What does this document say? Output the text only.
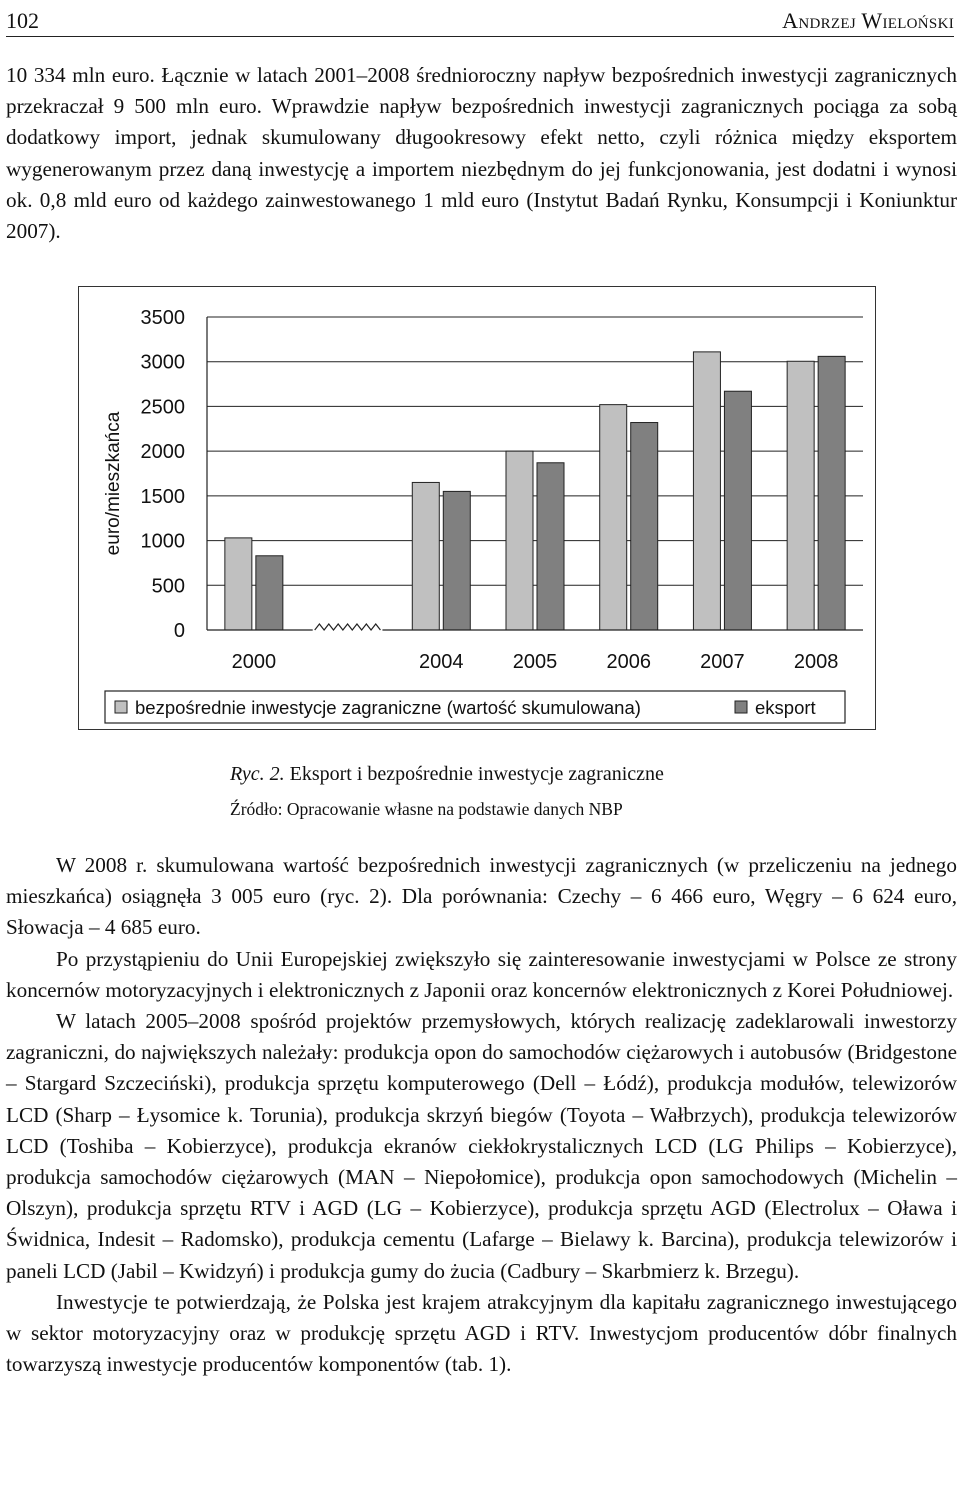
102	Andrzej Wieloński

10 334 mln euro. Łącznie w latach 2001–2008 średnioroczny napływ bezpośrednich inwestycji zagranicznych przekraczał 9 500 mln euro. Wprawdzie napływ bezpośrednich inwestycji zagranicznych pociąga za sobą dodatkowy import, jednak skumulowany długookresowy efekt netto, czyli różnica między eksportem wygenerowanym przez daną inwestycję a importem niezbędnym do jej funkcjonowania, jest dodatni i wynosi ok. 0,8 mld euro od każdego zainwestowanego 1 mld euro (Instytut Badań Rynku, Konsumpcji i Koniunktur 2007).

3500
3000
2500
2000
1500
1000
500
0
euro/mieszkańca
2000	2004 2005 2006 2007 2008
bezpośrednie inwestycje zagraniczne (wartość skumulowana)	eksport
Ryc. 2. Eksport i bezpośrednie inwestycje zagraniczne
Źródło: Opracowanie własne na podstawie danych NBP

W 2008 r. skumulowana wartość bezpośrednich inwestycji zagranicznych (w przeliczeniu na jednego mieszkańca) osiągnęła 3 005 euro (ryc. 2). Dla porównania: Czechy – 6 466 euro, Węgry – 6 624 euro, Słowacja – 4 685 euro.

Po przystąpieniu do Unii Europejskiej zwiększyło się zainteresowanie inwestycjami w Polsce ze strony koncernów motoryzacyjnych i elektronicznych z Japonii oraz koncernów elektronicznych z Korei Południowej.

W latach 2005–2008 spośród projektów przemysłowych, których realizację zadeklarowali inwestorzy zagraniczni, do największych należały: produkcja opon do samochodów ciężarowych i autobusów (Bridgestone – Stargard Szczeciński), produkcja sprzętu komputerowego (Dell – Łódź), produkcja modułów, telewizorów LCD (Sharp – Łysomice k. Torunia), produkcja skrzyń biegów (Toyota – Wałbrzych), produkcja telewizorów LCD (Toshiba – Kobierzyce), produkcja ekranów ciekłokrystalicznych LCD (LG Philips – Kobierzyce), produkcja samochodów ciężarowych (MAN – Niepołomice), produkcja opon samochodowych (Michelin – Olszyn), produkcja sprzętu RTV i AGD (LG – Kobierzyce), produkcja sprzętu AGD (Electrolux – Oława i Świdnica, Indesit – Radomsko), produkcja cementu (Lafarge – Bielawy k. Barcina), produkcja telewizorów i paneli LCD (Jabil – Kwidzyń) i produkcja gumy do żucia (Cadbury – Skarbmierz k. Brzegu).

Inwestycje te potwierdzają, że Polska jest krajem atrakcyjnym dla kapitału zagranicznego inwestującego w sektor motoryzacyjny oraz w produkcję sprzętu AGD i RTV. Inwestycjom producentów dóbr finalnych towarzyszą inwestycje producentów komponentów (tab. 1).
